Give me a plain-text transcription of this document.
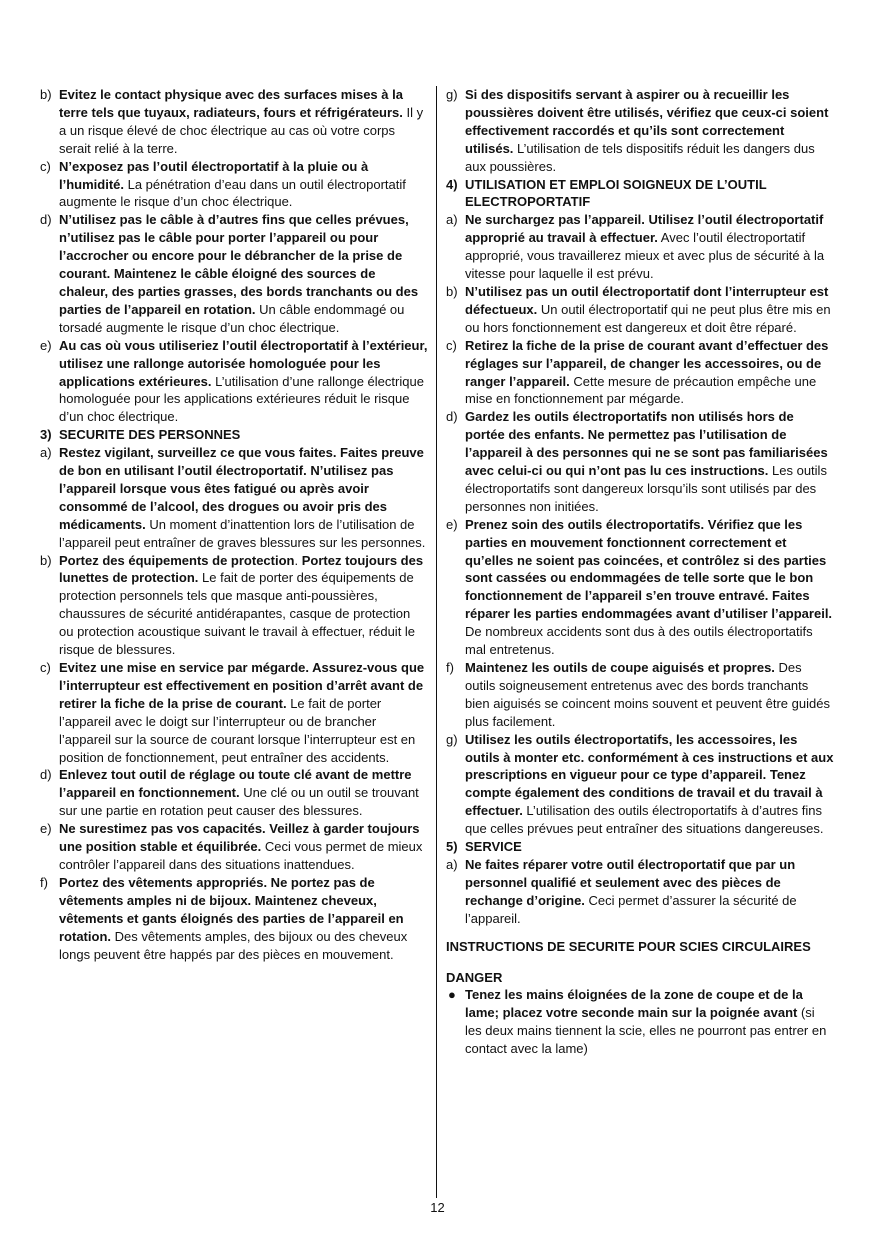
b) Evitez le contact physique avec des surfaces mises à la terre tels que tuyaux, radiateurs, fours et réfrigérateurs. Il y a un risque élevé de choc électrique au cas où votre corps serait relié à la terre.
c) N’exposez pas l’outil électroportatif à la pluie ou à l’humidité. La pénétration d’eau dans un outil électroportatif augmente le risque d’un choc électrique.
d) N’utilisez pas le câble à d’autres fins que celles prévues, n’utilisez pas le câble pour porter l’appareil ou pour l’accrocher ou encore pour le débrancher de la prise de courant. Maintenez le câble éloigné des sources de chaleur, des parties grasses, des bords tranchants ou des parties de l’appareil en rotation. Un câble endommagé ou torsadé augmente le risque d’un choc électrique.
e) Au cas où vous utiliseriez l’outil électroportatif à l’extérieur, utilisez une rallonge autorisée homologuée pour les applications extérieures. L’utilisation d’une rallonge électrique homologuée pour les applications extérieures réduit le risque d’un choc électrique.
3) SECURITE DES PERSONNES
a) Restez vigilant, surveillez ce que vous faites. Faites preuve de bon en utilisant l’outil électroportatif. N’utilisez pas l’appareil lorsque vous êtes fatigué ou après avoir consommé de l’alcool, des drogues ou avoir pris des médicaments. Un moment d’inattention lors de l’utilisation de l’appareil peut entraîner de graves blessures sur les personnes.
b) Portez des équipements de protection. Portez toujours des lunettes de protection. Le fait de porter des équipements de protection personnels tels que masque anti-poussières, chaussures de sécurité antidérapantes, casque de protection ou protection acoustique suivant le travail à effectuer, réduit le risque de blessures.
c) Evitez une mise en service par mégarde. Assurez-vous que l’interrupteur est effectivement en position d’arrêt avant de retirer la fiche de la prise de courant. Le fait de porter l’appareil avec le doigt sur l’interrupteur ou de brancher l’appareil sur la source de courant lorsque l’interrupteur est en position de fonctionnement, peut entraîner des accidents.
d) Enlevez tout outil de réglage ou toute clé avant de mettre l’appareil en fonctionnement. Une clé ou un outil se trouvant sur une partie en rotation peut causer des blessures.
e) Ne surestimez pas vos capacités. Veillez à garder toujours une position stable et équilibrée. Ceci vous permet de mieux contrôler l’appareil dans des situations inattendues.
f) Portez des vêtements appropriés. Ne portez pas de vêtements amples ni de bijoux. Maintenez cheveux, vêtements et gants éloignés des parties de l’appareil en rotation. Des vêtements amples, des bijoux ou des cheveux longs peuvent être happés par des pièces en mouvement.
g) Si des dispositifs servant à aspirer ou à recueillir les poussières doivent être utilisés, vérifiez que ceux-ci soient effectivement raccordés et qu’ils sont correctement utilisés. L’utilisation de tels dispositifs réduit les dangers dus aux poussières.
4) UTILISATION ET EMPLOI SOIGNEUX DE L’OUTIL ELECTROPORTATIF
a) Ne surchargez pas l’appareil. Utilisez l’outil électroportatif approprié au travail à effectuer. Avec l’outil électroportatif approprié, vous travaillerez mieux et avec plus de sécurité à la vitesse pour laquelle il est prévu.
b) N’utilisez pas un outil électroportatif dont l’interrupteur est défectueux. Un outil électroportatif qui ne peut plus être mis en ou hors fonctionnement est dangereux et doit être réparé.
c) Retirez la fiche de la prise de courant avant d’effectuer des réglages sur l’appareil, de changer les accessoires, ou de ranger l’appareil. Cette mesure de précaution empêche une mise en fonctionnement par mégarde.
d) Gardez les outils électroportatifs non utilisés hors de portée des enfants. Ne permettez pas l’utilisation de l’appareil à des personnes qui ne se sont pas familiarisées avec celui-ci ou qui n’ont pas lu ces instructions. Les outils électroportatifs sont dangereux lorsqu’ils sont utilisés par des personnes non initiées.
e) Prenez soin des outils électroportatifs. Vérifiez que les parties en mouvement fonctionnent correctement et qu’elles ne soient pas coincées, et contrôlez si des parties sont cassées ou endommagées de telle sorte que le bon fonctionnement de l’appareil s’en trouve entravé. Faites réparer les parties endommagées avant d’utiliser l’appareil. De nombreux accidents sont dus à des outils électroportatifs mal entretenus.
f) Maintenez les outils de coupe aiguisés et propres. Des outils soigneusement entretenus avec des bords tranchants bien aiguisés se coincent moins souvent et peuvent être guidés plus facilement.
g) Utilisez les outils électroportatifs, les accessoires, les outils à monter etc. conformément à ces instructions et aux prescriptions en vigueur pour ce type d’appareil. Tenez compte également des conditions de travail et du travail à effectuer. L’utilisation des outils électroportatifs à d’autres fins que celles prévues peut entraîner des situations dangereuses.
5) SERVICE
a) Ne faites réparer votre outil électroportatif que par un personnel qualifié et seulement avec des pièces de rechange d’origine. Ceci permet d’assurer la sécurité de l’appareil.
INSTRUCTIONS DE SECURITE POUR SCIES CIRCULAIRES
DANGER
● Tenez les mains éloignées de la zone de coupe et de la lame; placez votre seconde main sur la poignée avant (si les deux mains tiennent la scie, elles ne pourront pas entrer en contact avec la lame)
12
